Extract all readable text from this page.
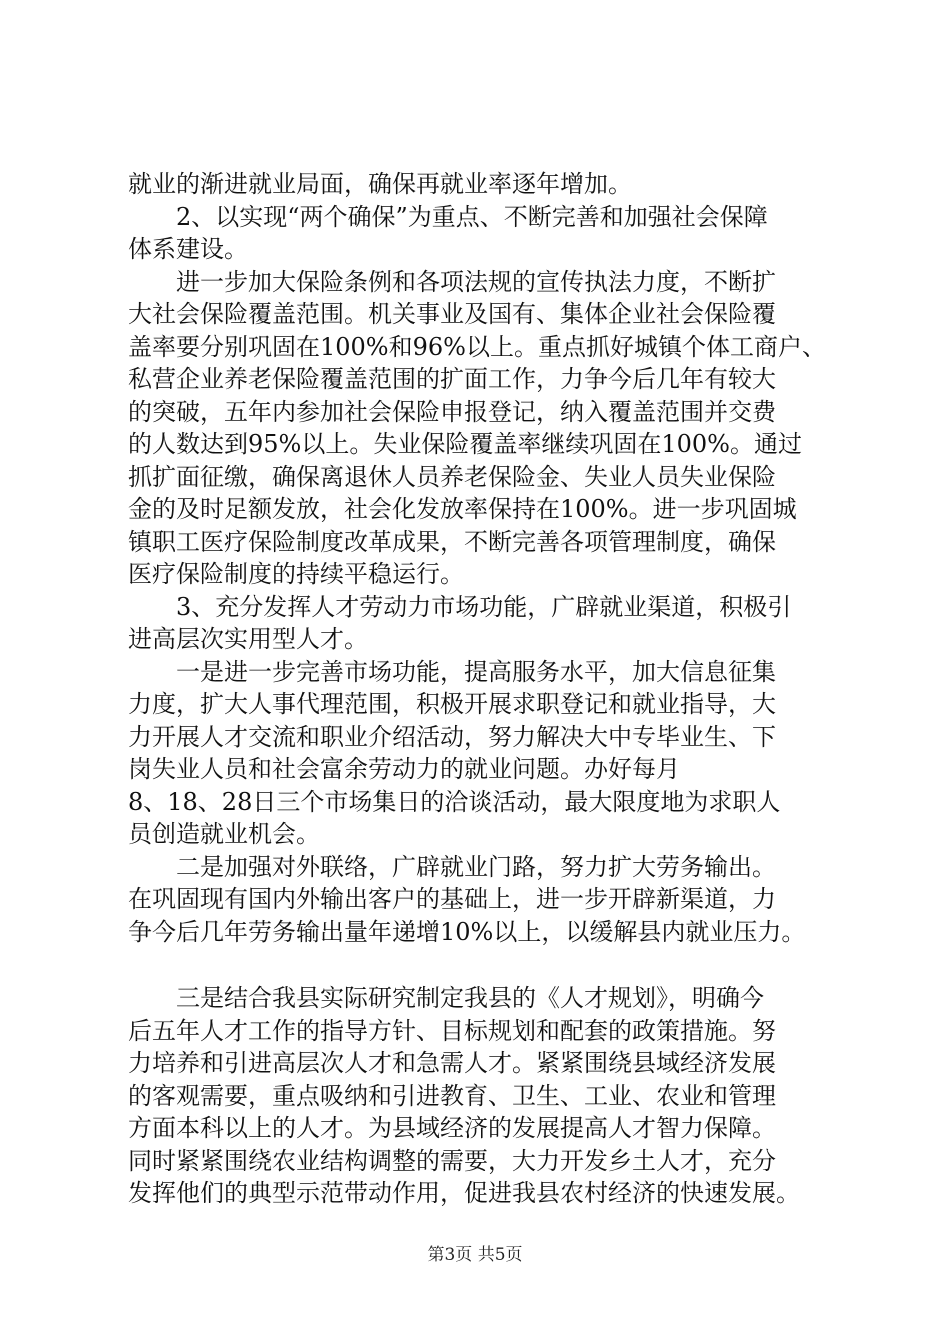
就业的渐进就业局面，确保再就业率逐年增加。
2、以实现“两个确保”为重点、不断完善和加强社会保障
体系建设。
进一步加大保险条例和各项法规的宣传执法力度，不断扩
大社会保险覆盖范围。机关事业及国有、集体企业社会保险覆
盖率要分别巩固在100%和96%以上。重点抓好城镇个体工商户、
私营企业养老保险覆盖范围的扩面工作，力争今后几年有较大
的突破，五年内参加社会保险申报登记，纳入覆盖范围并交费
的人数达到95%以上。失业保险覆盖率继续巩固在100%。通过
抓扩面征缴，确保离退休人员养老保险金、失业人员失业保险
金的及时足额发放，社会化发放率保持在100%。进一步巩固城
镇职工医疗保险制度改革成果，不断完善各项管理制度，确保
医疗保险制度的持续平稳运行。
3、充分发挥人才劳动力市场功能，广辟就业渠道，积极引
进高层次实用型人才。
一是进一步完善市场功能，提高服务水平，加大信息征集
力度，扩大人事代理范围，积极开展求职登记和就业指导，大
力开展人才交流和职业介绍活动，努力解决大中专毕业生、下
岗失业人员和社会富余劳动力的就业问题。办好每月
8、18、28日三个市场集日的洽谈活动，最大限度地为求职人
员创造就业机会。
二是加强对外联络，广辟就业门路，努力扩大劳务输出。
在巩固现有国内外输出客户的基础上，进一步开辟新渠道，力
争今后几年劳务输出量年递增10%以上，以缓解县内就业压力。
三是结合我县实际研究制定我县的《人才规划》，明确今
后五年人才工作的指导方针、目标规划和配套的政策措施。努
力培养和引进高层次人才和急需人才。紧紧围绕县域经济发展
的客观需要，重点吸纳和引进教育、卫生、工业、农业和管理
方面本科以上的人才。为县域经济的发展提高人才智力保障。
同时紧紧围绕农业结构调整的需要，大力开发乡土人才，充分
发挥他们的典型示范带动作用，促进我县农村经济的快速发展。
第3页 共5页
